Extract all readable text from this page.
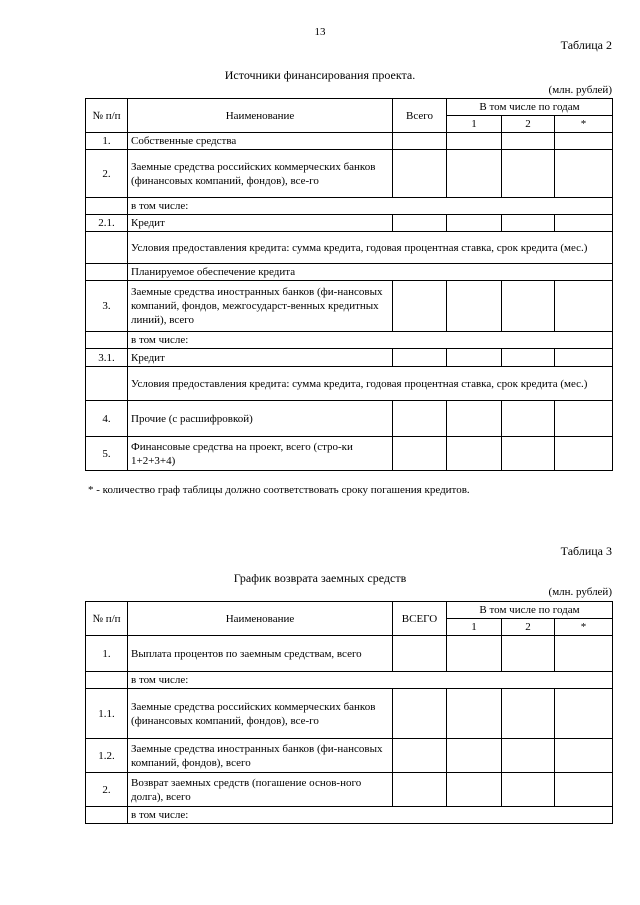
13
Таблица 2
Источники финансирования проекта.
(млн. рублей)
№ п/п	Наименование	Всего	В том числе по годам		
			1	2	*
1.	Собственные средства				
2.	Заемные средства российских коммерческих банков (финансовых компаний, фондов), все-го				
	в том числе:				
2.1.	Кредит				
	Условия предоставления кредита: сумма кредита, годовая процентная ставка, срок кредита (мес.)				
	Планируемое обеспечение кредита				
3.	Заемные средства иностранных банков (фи-нансовых компаний, фондов, межгосударст-венных кредитных линий), всего				
	в том числе:				
3.1.	Кредит				
	Условия предоставления кредита: сумма кредита, годовая процентная ставка, срок кредита (мес.)				
4.	Прочие (с расшифровкой)				
5.	Финансовые средства на проект, всего (стро-ки 1+2+3+4)				
* - количество граф таблицы должно соответствовать сроку погашения кредитов.
Таблица 3
График возврата заемных средств
(млн. рублей)
№ п/п	Наименование	ВСЕГО	В том числе по годам		
			1	2	*
1.	Выплата процентов по заемным средствам, всего				
	в том числе:				
1.1.	Заемные средства российских коммерческих банков (финансовых компаний, фондов), все-го				
1.2.	Заемные средства иностранных банков (фи-нансовых компаний, фондов), всего				
2.	Возврат заемных средств (погашение основ-ного долга), всего				
	в том числе:				
